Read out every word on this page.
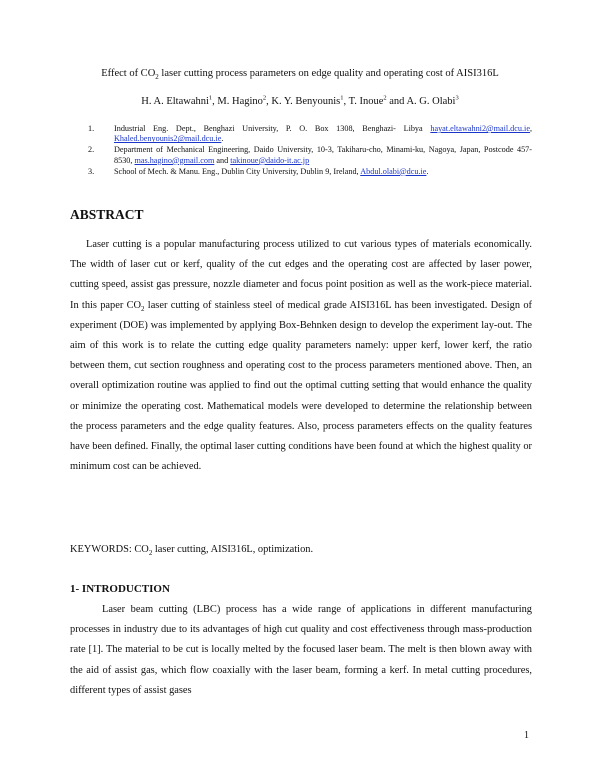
Effect of $CO_2$ laser cutting process parameters on edge quality and operating cost of AISI316L
H. A. Eltawahni$^1$, M. Hagino$^2$, K. Y. Benyounis$^1$, T. Inoue$^2$ and A. G. Olabi$^3$
1. Industrial Eng. Dept., Benghazi University, P. O. Box 1308, Benghazi- Libya hayat.eltawahni2@mail.dcu.ie, Khaled.benyounis2@mail.dcu.ie.
2. Department of Mechanical Engineering, Daido University, 10-3, Takiharu-cho, Minami-ku, Nagoya, Japan, Postcode 457-8530, mas.hagino@gmail.com and takinoue@daido-it.ac.jp
3. School of Mech. & Manu. Eng., Dublin City University, Dublin 9, Ireland, Abdul.olabi@dcu.ie.
ABSTRACT

Laser cutting is a popular manufacturing process utilized to cut various types of materials economically. The width of laser cut or kerf, quality of the cut edges and the operating cost are affected by laser power, cutting speed, assist gas pressure, nozzle diameter and focus point position as well as the work-piece material. In this paper $CO_2$ laser cutting of stainless steel of medical grade AISI316L has been investigated. Design of experiment (DOE) was implemented by applying Box-Behnken design to develop the experiment lay-out. The aim of this work is to relate the cutting edge quality parameters namely: upper kerf, lower kerf, the ratio between them, cut section roughness and operating cost to the process parameters mentioned above. Then, an overall optimization routine was applied to find out the optimal cutting setting that would enhance the quality or minimize the operating cost. Mathematical models were developed to determine the relationship between the process parameters and the edge quality features. Also, process parameters effects on the quality features have been defined. Finally, the optimal laser cutting conditions have been found at which the highest quality or minimum cost can be achieved.

KEYWORDS: $CO_2$ laser cutting, AISI316L, optimization.
1- INTRODUCTION

Laser beam cutting (LBC) process has a wide range of applications in different manufacturing processes in industry due to its advantages of high cut quality and cost effectiveness through mass-production rate [1]. The material to be cut is locally melted by the focused laser beam. The melt is then blown away with the aid of assist gas, which flow coaxially with the laser beam, forming a kerf. In metal cutting procedures, different types of assist gases

1
